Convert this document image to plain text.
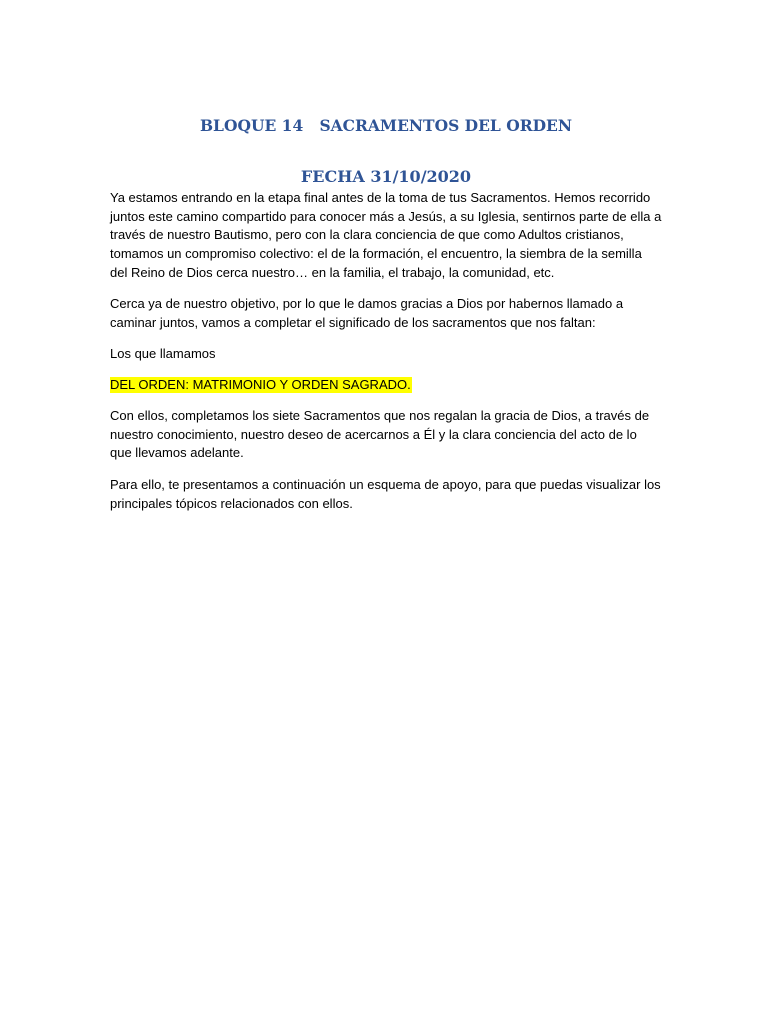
BLOQUE 14   SACRAMENTOS DEL ORDEN
FECHA 31/10/2020

Ya estamos entrando en la etapa final antes de la toma de tus Sacramentos. Hemos recorrido juntos este camino compartido para conocer más a Jesús, a su Iglesia, sentirnos parte de ella a través de nuestro Bautismo, pero con la clara conciencia de que como Adultos cristianos, tomamos un compromiso colectivo: el de la formación, el encuentro, la siembra de la semilla del Reino de Dios cerca nuestro… en la familia, el trabajo, la comunidad, etc.

Cerca ya de nuestro objetivo, por lo que le damos gracias a Dios por habernos llamado a caminar juntos, vamos a completar el significado de los sacramentos que nos faltan:

Los que llamamos

DEL ORDEN: MATRIMONIO Y ORDEN SAGRADO.

Con ellos, completamos los siete Sacramentos que nos regalan la gracia de Dios, a través de nuestro conocimiento, nuestro deseo de acercarnos a Él y la clara conciencia del acto de lo que llevamos adelante.

Para ello, te presentamos a continuación un esquema de apoyo, para que puedas visualizar los principales tópicos relacionados con ellos.
